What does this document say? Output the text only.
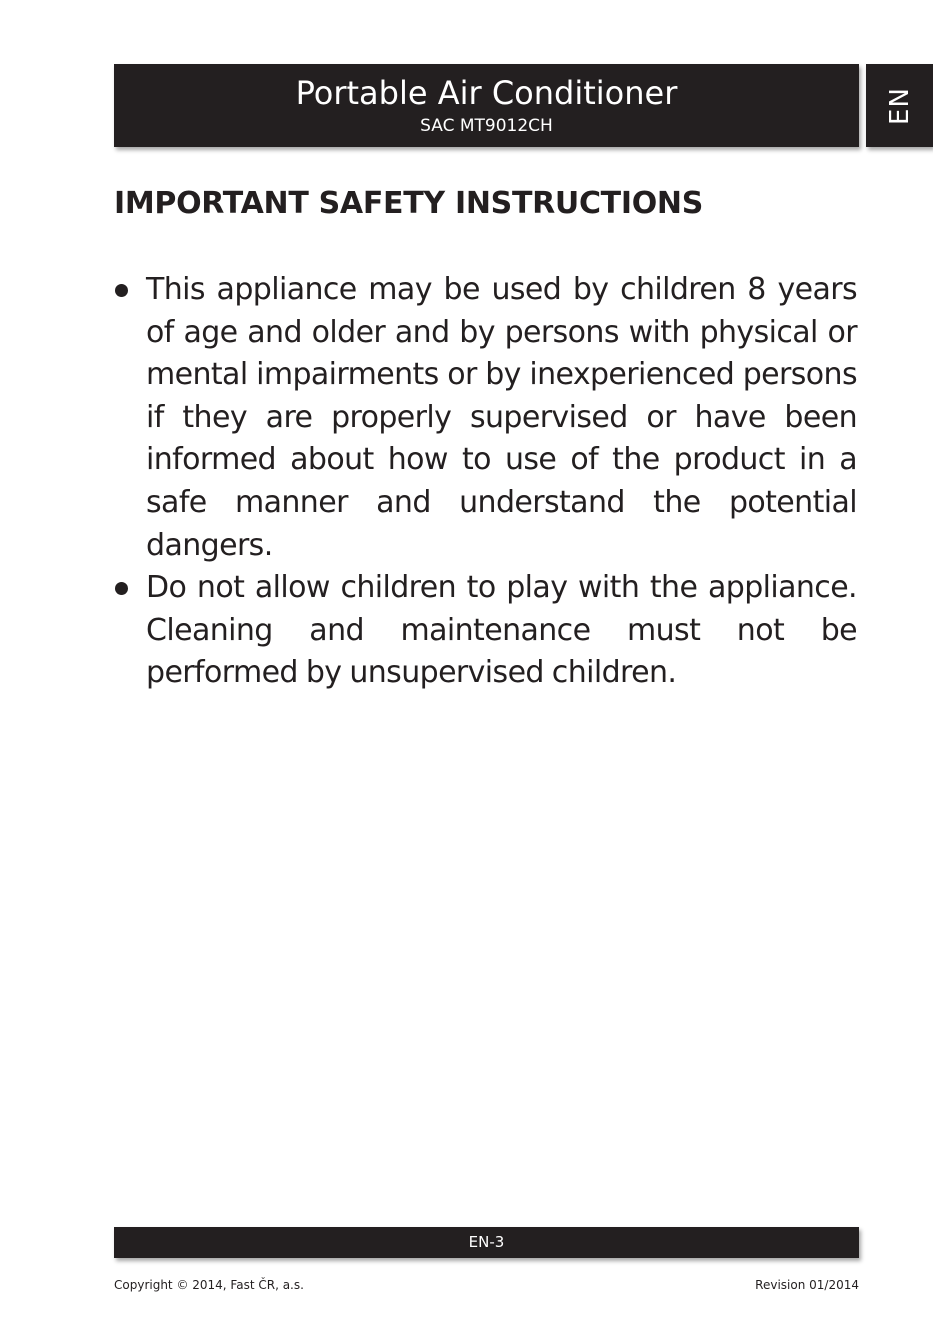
Portable Air Conditioner
SAC MT9012CH
EN
IMPORTANT SAFETY INSTRUCTIONS
This appliance may be used by children 8 years of age and older and by persons with physical or mental impairments or by inexperienced persons if they are properly supervised or have been informed about how to use of the product in a safe manner and understand the potential dangers.
Do not allow children to play with the appliance. Cleaning and maintenance must not be performed by unsupervised children.
EN-3
Copyright © 2014, Fast ČR, a.s.	Revision 01/2014
